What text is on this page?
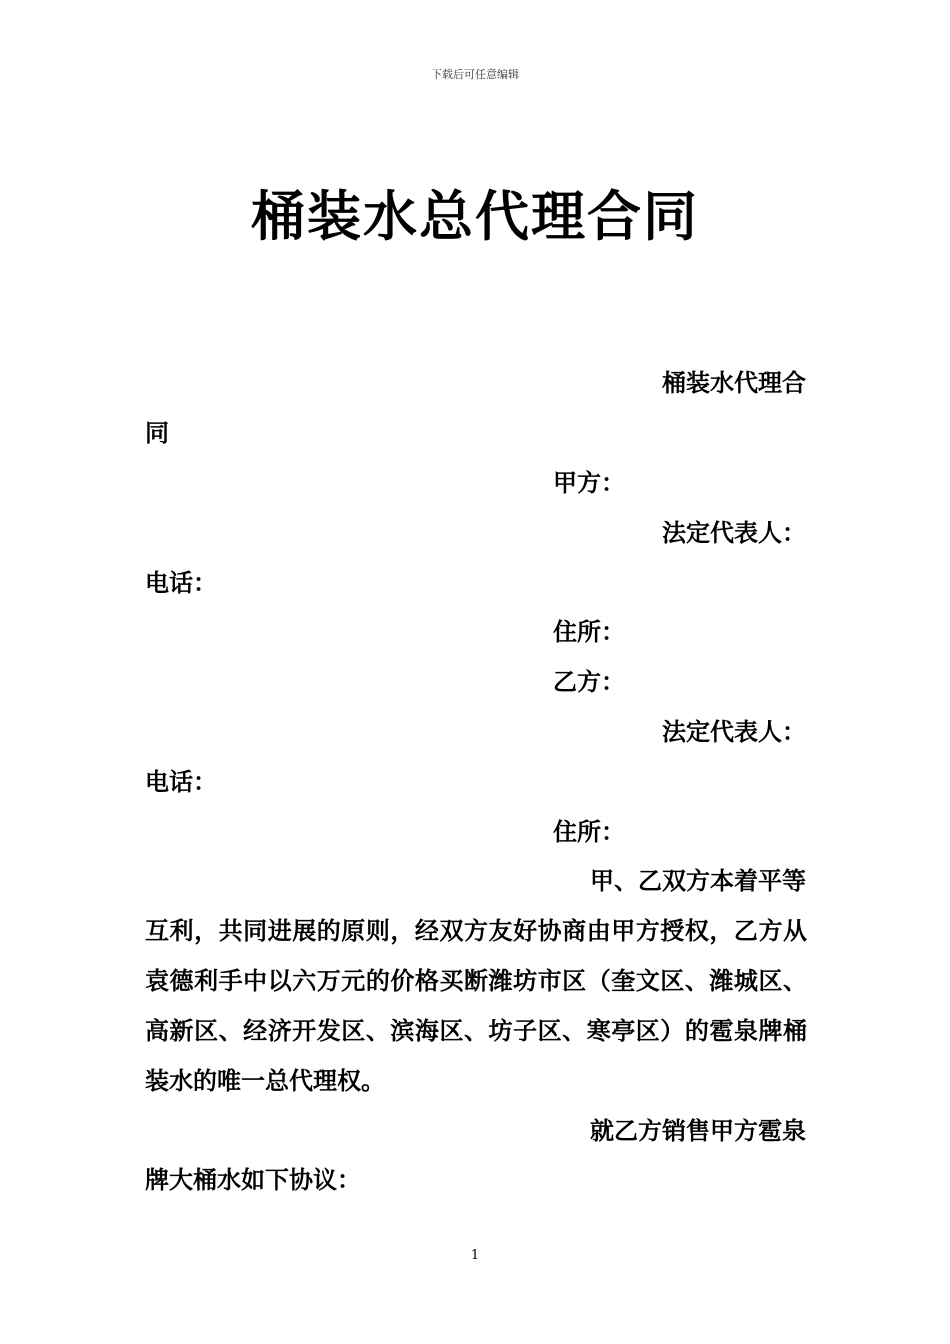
下载后可任意编辑
桶装水总代理合同
桶装水代理合
同
甲方：
法定代表人：
电话：
住所：
乙方：
法定代表人：
电话：
住所：
甲、乙双方本着平等
互利，共同进展的原则，经双方友好协商由甲方授权，乙方从袁德利手中以六万元的价格买断潍坊市区（奎文区、潍城区、高新区、经济开发区、滨海区、坊子区、寒亭区）的雹泉牌桶装水的唯一总代理权。
就乙方销售甲方雹泉
牌大桶水如下协议：
1
